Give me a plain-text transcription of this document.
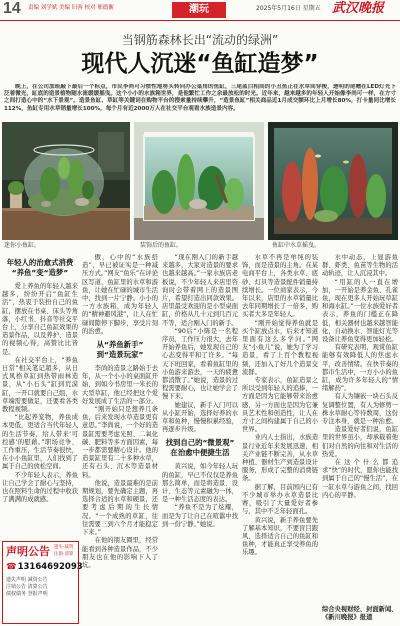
14 责编 刘学斌 美编 旧蓉 校对 邢德衡	潮玩	2025年5月16日 星期五 武汉晚报
当钢筋森林长出“流动的绿洲”
现代人沉迷“鱼缸造梦”
晚上，在公司加班敲下最后一个标点，市民李尚可习惯性地将头转向办公桌角的鱼缸，三尾蓝白相间的小丑鱼正在水草间穿梭，透明的尾鳍在LED灯光下泛着微光，缸底的造景植物随水流缓缓摇曳。这个小小的水族箱世界，是他繁忙工作之余最放松的时光。近年来，越来越多的年轻人开始像李尚可一样，在方寸之间打造心中的“水下景观”。造景鱼缸、草缸等关键词在购物平台的搜索量持续攀升，“造景鱼缸”相关商品近1月成交额环比上月增长80%，打卡量同比增长112%，鱼缸专用水草销量增长100%，每个月有近2000万人在社交平台观看水族造景内容。
迷你小鱼缸。	装饰后的鱼缸。	鱼缸中水草摇曳。
年轻人的治愈式消费
“养鱼”变“造梦”

爱上养鱼的年轻人越来越多，纷纷开启“鱼缸生活”，热衷于装扮自己的鱼缸，摆放在书桌、床头等角落，小红书、抖音等社交平台上，分享自己鱼缸效果的造景作品，以及养护、造景的视频心得，高赞比比皆是。

在社交平台上，“养鱼日常”相关笔记超多，从日式风格草缸到热带雨林造景，从“小石头”缸到荒漠缸，一开口就要自己组，水草端需要做足，还要看各类教程视频。

“比起养宠物，养鱼成本更低，更适合当代年轻人的生活节奏，给人带来‘可控感’的慰藉。”职场竞争、工作重压，生活节奏很快，在小小鱼缸里，人们找到了属于自己的放松空间。

不少年轻人表示，养鱼让自己学会了耐心与坚持，也在照料生命的过程中收获了满满的成就感。

声明公告 遗失·减资
注销·清算
☎13164692093
遗失声明 减资公告
注销公告 清算公告
债权债务 登报声明

傲，心中的“水族搭造”，早已被证实是一种减压方式。”网友“鱼乐”在评论区写道，鱼缸里的水草和游鱼，让她在忙碌的城市生活中，找到一片宁静。小小的一方水族箱，成为年轻人的“精神避风港”，让人在忙碌间隙停下脚步，享受片刻的治愈。

从“养鱼新手”
到“造景玩家”

李尚的造景之路始于去年，从一个小小的桌面缸开始，到如今书房里一米长的大型草缸，他已经把这个爱好发展成了生活的一部分。

“刚开始只是想养几条鱼，后来发现水草造景更有意思。”李尚说，一个好的造景缸需要考虑光照、二氧化碳、肥料等多方面因素，每一步都需要精心设计。他的造景缸里有二十多种水草，还有石头、沉木等造景材料。

他说，造景最难的是前期规划，要先确定主题，再选择合适的水草和硬景，还要考虑后期的生长情况。“一个成熟的草缸，往往需要三到六个月才能稳定下来。”

在他的朋友圈里，经常能看到各种造景作品，不少朋友也在他的影响下入了坑。

“现在刚入门的新手越来越多，大家对造景的要求也越来越高。”一家水族店老板说，不少年轻人来店里咨询时会带着网上的造景图片，希望打造出同款效果。店里最受欢迎的是小型桌面缸，价格从几十元到几百元不等，适合刚入门的新手。

“90后”小陈是一名程序员，工作压力很大，去年开始养鱼后，她发现自己的心态变得平和了许多。“每天下班回家，看着鱼缸里的小鱼游来游去，一天的疲惫都消散了。”她说，造景的过程需要耐心，也让她学会了慢下来。

她建议，新手入门可以从小缸开始，选择好养的水草和鱼种，慢慢积累经验，再逐步升级。

找到自己的“微景观”
在治愈中便捷生活

黄兴说，如今年轻人玩的鱼缸，早已不仅仅是养鱼那么简单，而是将造景、设计、生态等元素融为一体，是一种生活态度的表达。

“养鱼不是为了炫耀，而是为了让自己在喧嚣中找到一份宁静。”她说。

水草不再是单纯的装饰，而是造景的主角。在某电商平台上，各类水草、底砂、灯具等造景配件销量持续增长。一位商家表示，今年以来，店里的水草销量比去年同期增长了一倍多，购买者大多是年轻人。

“刚开始觉得养鱼就是买个缸放点水，后来才知道里面有这么多学问。”网友“小鱼儿”说，她为了学习造景，看了上百个教程视频，还加入了好几个造景交流群。

专家表示，鱼缸造景之所以受到年轻人的追捧，一方面是因为它能够带来治愈感，另一方面也是因为它兼具艺术性和创造性，让人在方寸之间构建属于自己的小世界。

业内人士指出，水族造景行业近年来发展迅速，相关产业链不断完善，从水草种植、器材生产到造景设计服务，形成了完整的消费链条。

据了解，目前国内已有不少城市举办水草造景比赛，吸引了大量爱好者参与，其中不乏年轻面孔。

黄兴说，新手养鱼要先了解基本知识，不要盲目跟风，选择适合自己的鱼缸和鱼种，才能真正享受养鱼的乐趣。

水中动态，上显游鱼群、虾类、鱼苗等生物的活动轨迹，让人沉浸其中。

“用缸的人一直在增加，一开始是养金鱼、孔雀鱼，现在更多人开始玩草缸和海水缸。”一位水族爱好者表示，养鱼的门槛正在降低，相关器材也越来越智能化，自动换水、智能灯光等设备让养鱼变得更加轻松。

有研究表明，观赏鱼缸能够有效降低人的焦虑水平，改善情绪。在快节奏的都市生活中，一方小小的鱼缸，成为许多年轻人的“情绪解药”。

有人为镶嵌一块石头反复调整位置，有人为修剪一株水草耐心等待数周，这份专注本身，就是一种治愈。

造景爱好者们说，鱼缸里的世界虽小，却承载着他们对自然的向往和对生活的热爱。

在这个什么都追求“快”的时代，愿你也能找到属于自己的“慢生活”，在一缸水草与游鱼之间，找回内心的平静。

综合央视财经、封面新闻、《新川晚报》报道
